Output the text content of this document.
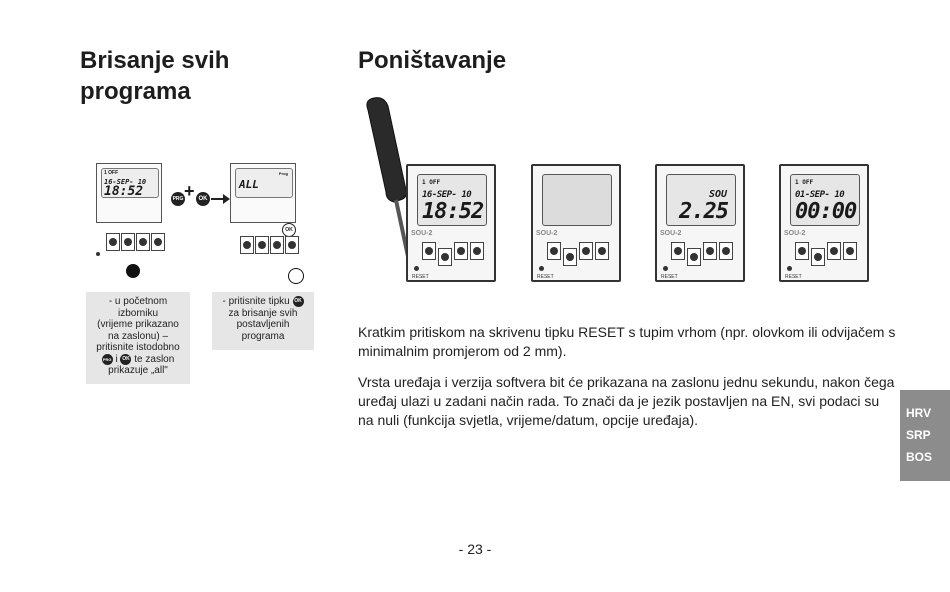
Brisanje svih programa
1 OFF
16-SEP- 10
18:52	PRG + OK
Prog
ALL
OK
- u početnom
izborniku
(vrijeme prikazano
na zaslonu) –
pritisnite istodobno
PRG i OK te zaslon
prikazuje „all"
- pritisnite tipku OK
za brisanje svih
postavljenih
programa
Poništavanje
1 OFF
16-SEP- 10
18:52
SOU-2
RESET
SOU-2
RESET
SOU
2.25
SOU-2
RESET
1 OFF
01-SEP- 10
00:00
SOU-2
RESET

Kratkim pritiskom na skrivenu tipku RESET s tupim vrhom (npr. olovkom ili odvijačem s minimalnim promjerom od 2 mm).

Vrsta uređaja i verzija softvera bit će prikazana na zaslonu jednu sekundu, nakon čega uređaj ulazi u zadani način rada. To znači da je jezik postavljen na EN, svi podaci su na nuli (funkcija svjetla, vrijeme/datum, opcije uređaja).	HRV
SRP
BOS
- 23 -
